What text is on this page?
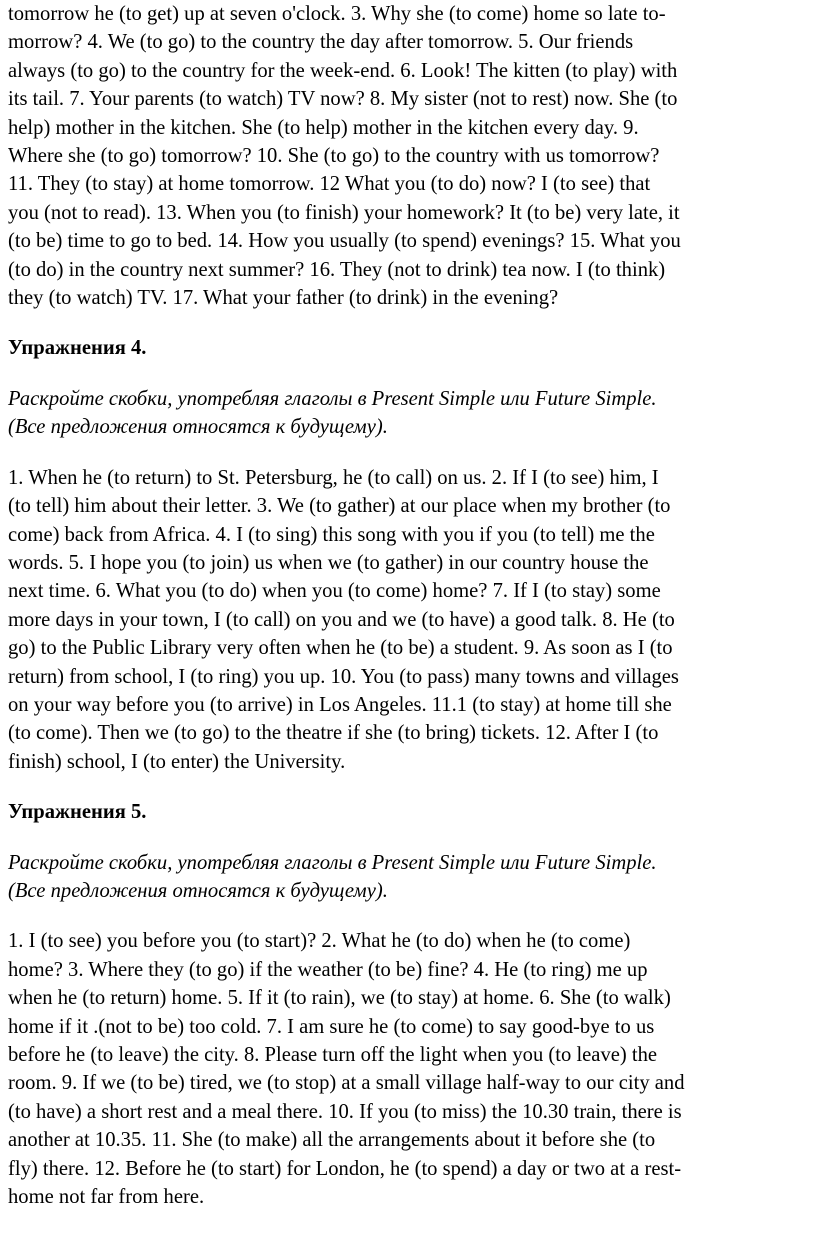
tomorrow he (to get) up at seven o'clock. 3. Why she (to come) home so late to-
morrow? 4. We (to go) to the country the day after tomorrow. 5. Our friends
always (to go) to the country for the week-end. 6. Look! The kitten (to play) with
its tail. 7. Your parents (to watch) TV now? 8. My sister (not to rest) now. She (to
help) mother in the kitchen. She (to help) mother in the kitchen every day. 9.
Where she (to go) tomorrow? 10. She (to go) to the country with us tomorrow?
11. They (to stay) at home tomorrow. 12 What you (to do) now? I (to see) that
you (not to read). 13. When you (to finish) your homework? It (to be) very late, it
(to be) time to go to bed. 14. How you usually (to spend) evenings? 15. What you
(to do) in the country next summer? 16. They (not to drink) tea now. I (to think)
they (to watch) TV. 17. What your father (to drink) in the evening?

Упражнения 4.

Раскройте скобки, употребляя глаголы в Present Simple или Future Simple.
(Все предложения относятся к будущему).

1. When he (to return) to St. Petersburg, he (to call) on us. 2. If I (to see) him, I
(to tell) him about their letter. 3. We (to gather) at our place when my brother (to
come) back from Africa. 4. I (to sing) this song with you if you (to tell) me the
words. 5. I hope you (to join) us when we (to gather) in our country house the
next time. 6. What you (to do) when you (to come) home? 7. If I (to stay) some
more days in your town, I (to call) on you and we (to have) a good talk. 8. He (to
go) to the Public Library very often when he (to be) a student. 9. As soon as I (to
return) from school, I (to ring) you up. 10. You (to pass) many towns and villages
on your way before you (to arrive) in Los Angeles. 11.1 (to stay) at home till she
(to come). Then we (to go) to the theatre if she (to bring) tickets. 12. After I (to
finish) school, I (to enter) the University.

Упражнения 5.

Раскройте скобки, употребляя глаголы в Present Simple или Future Simple.
(Все предложения относятся к будущему).

1. I (to see) you before you (to start)? 2. What he (to do) when he (to come)
home? 3. Where they (to go) if the weather (to be) fine? 4. He (to ring) me up
when he (to return) home. 5. If it (to rain), we (to stay) at home. 6. She (to walk)
home if it .(not to be) too cold. 7. I am sure he (to come) to say good-bye to us
before he (to leave) the city. 8. Please turn off the light when you (to leave) the
room. 9. If we (to be) tired, we (to stop) at a small village half-way to our city and
(to have) a short rest and a meal there. 10. If you (to miss) the 10.30 train, there is
another at 10.35. 11. She (to make) all the arrangements about it before she (to
fly) there. 12. Before he (to start) for London, he (to spend) a day or two at a rest-
home not far from here.
